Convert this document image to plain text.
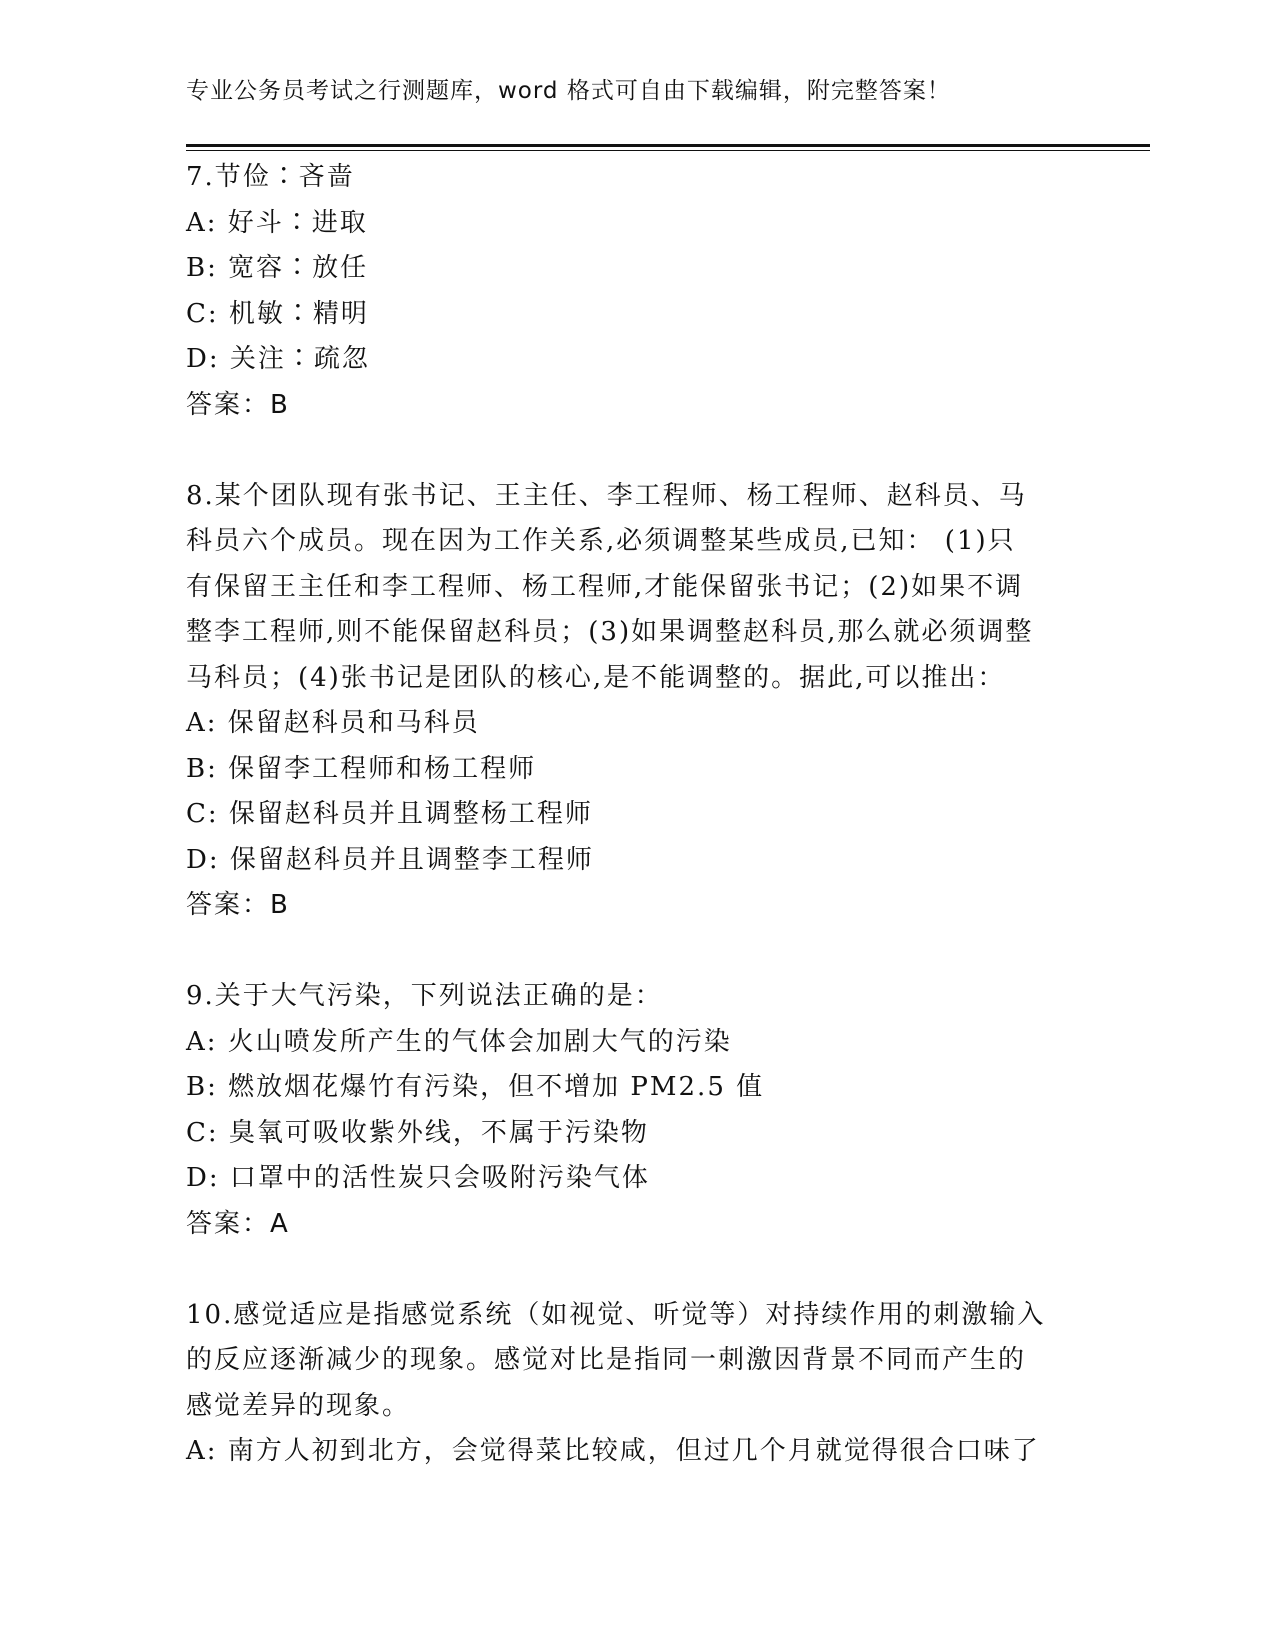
专业公务员考试之行测题库，word 格式可自由下载编辑，附完整答案！
7.节俭∶吝啬
A: 好斗∶进取
B: 宽容∶放任
C: 机敏∶精明
D: 关注∶疏忽
答案：B
8.某个团队现有张书记、王主任、李工程师、杨工程师、赵科员、马
科员六个成员。现在因为工作关系,必须调整某些成员,已知： (1)只
有保留王主任和李工程师、杨工程师,才能保留张书记；(2)如果不调
整李工程师,则不能保留赵科员；(3)如果调整赵科员,那么就必须调整
马科员；(4)张书记是团队的核心,是不能调整的。据此,可以推出：
A: 保留赵科员和马科员
B: 保留李工程师和杨工程师
C: 保留赵科员并且调整杨工程师
D: 保留赵科员并且调整李工程师
答案：B
9.关于大气污染，下列说法正确的是：
A: 火山喷发所产生的气体会加剧大气的污染
B: 燃放烟花爆竹有污染，但不增加 PM2.5 值
C: 臭氧可吸收紫外线，不属于污染物
D: 口罩中的活性炭只会吸附污染气体
答案：A
10.感觉适应是指感觉系统（如视觉、听觉等）对持续作用的刺激输入
的反应逐渐减少的现象。感觉对比是指同一刺激因背景不同而产生的
感觉差异的现象。
A: 南方人初到北方，会觉得菜比较咸，但过几个月就觉得很合口味了
